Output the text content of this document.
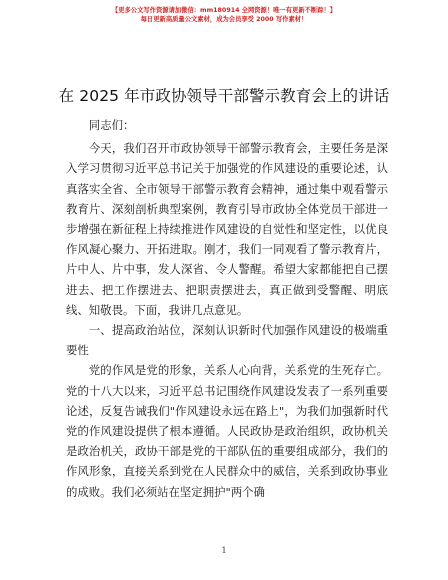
【更多公文写作资源请加微信：mm180914 全网资源！唯一有更新不断踪！】
每日更新高质量公文素材，成为会员享受 2000 写作素材！
在 2025 年市政协领导干部警示教育会上的讲话

同志们：

今天，我们召开市政协领导干部警示教育会，主要任务是深入学习贯彻习近平总书记关于加强党的作风建设的重要论述，认真落实全省、全市领导干部警示教育会精神，通过集中观看警示教育片、深刻剖析典型案例，教育引导市政协全体党员干部进一步增强在新征程上持续推进作风建设的自觉性和坚定性，以优良作风凝心聚力、开拓进取。刚才，我们一同观看了警示教育片，片中人、片中事，发人深省、令人警醒。希望大家都能把自己摆进去、把工作摆进去、把职责摆进去，真正做到受警醒、明底线、知敬畏。下面，我讲几点意见。

一、提高政治站位，深刻认识新时代加强作风建设的极端重要性

党的作风是党的形象，关系人心向背，关系党的生死存亡。党的十八大以来，习近平总书记围绕作风建设发表了一系列重要论述，反复告诫我们"作风建设永远在路上"，为我们加强新时代党的作风建设提供了根本遵循。人民政协是政治组织，政协机关是政治机关，政协干部是党的干部队伍的重要组成部分，我们的作风形象，直接关系到党在人民群众中的威信，关系到政协事业的成败。我们必须站在坚定拥护"两个确

1
